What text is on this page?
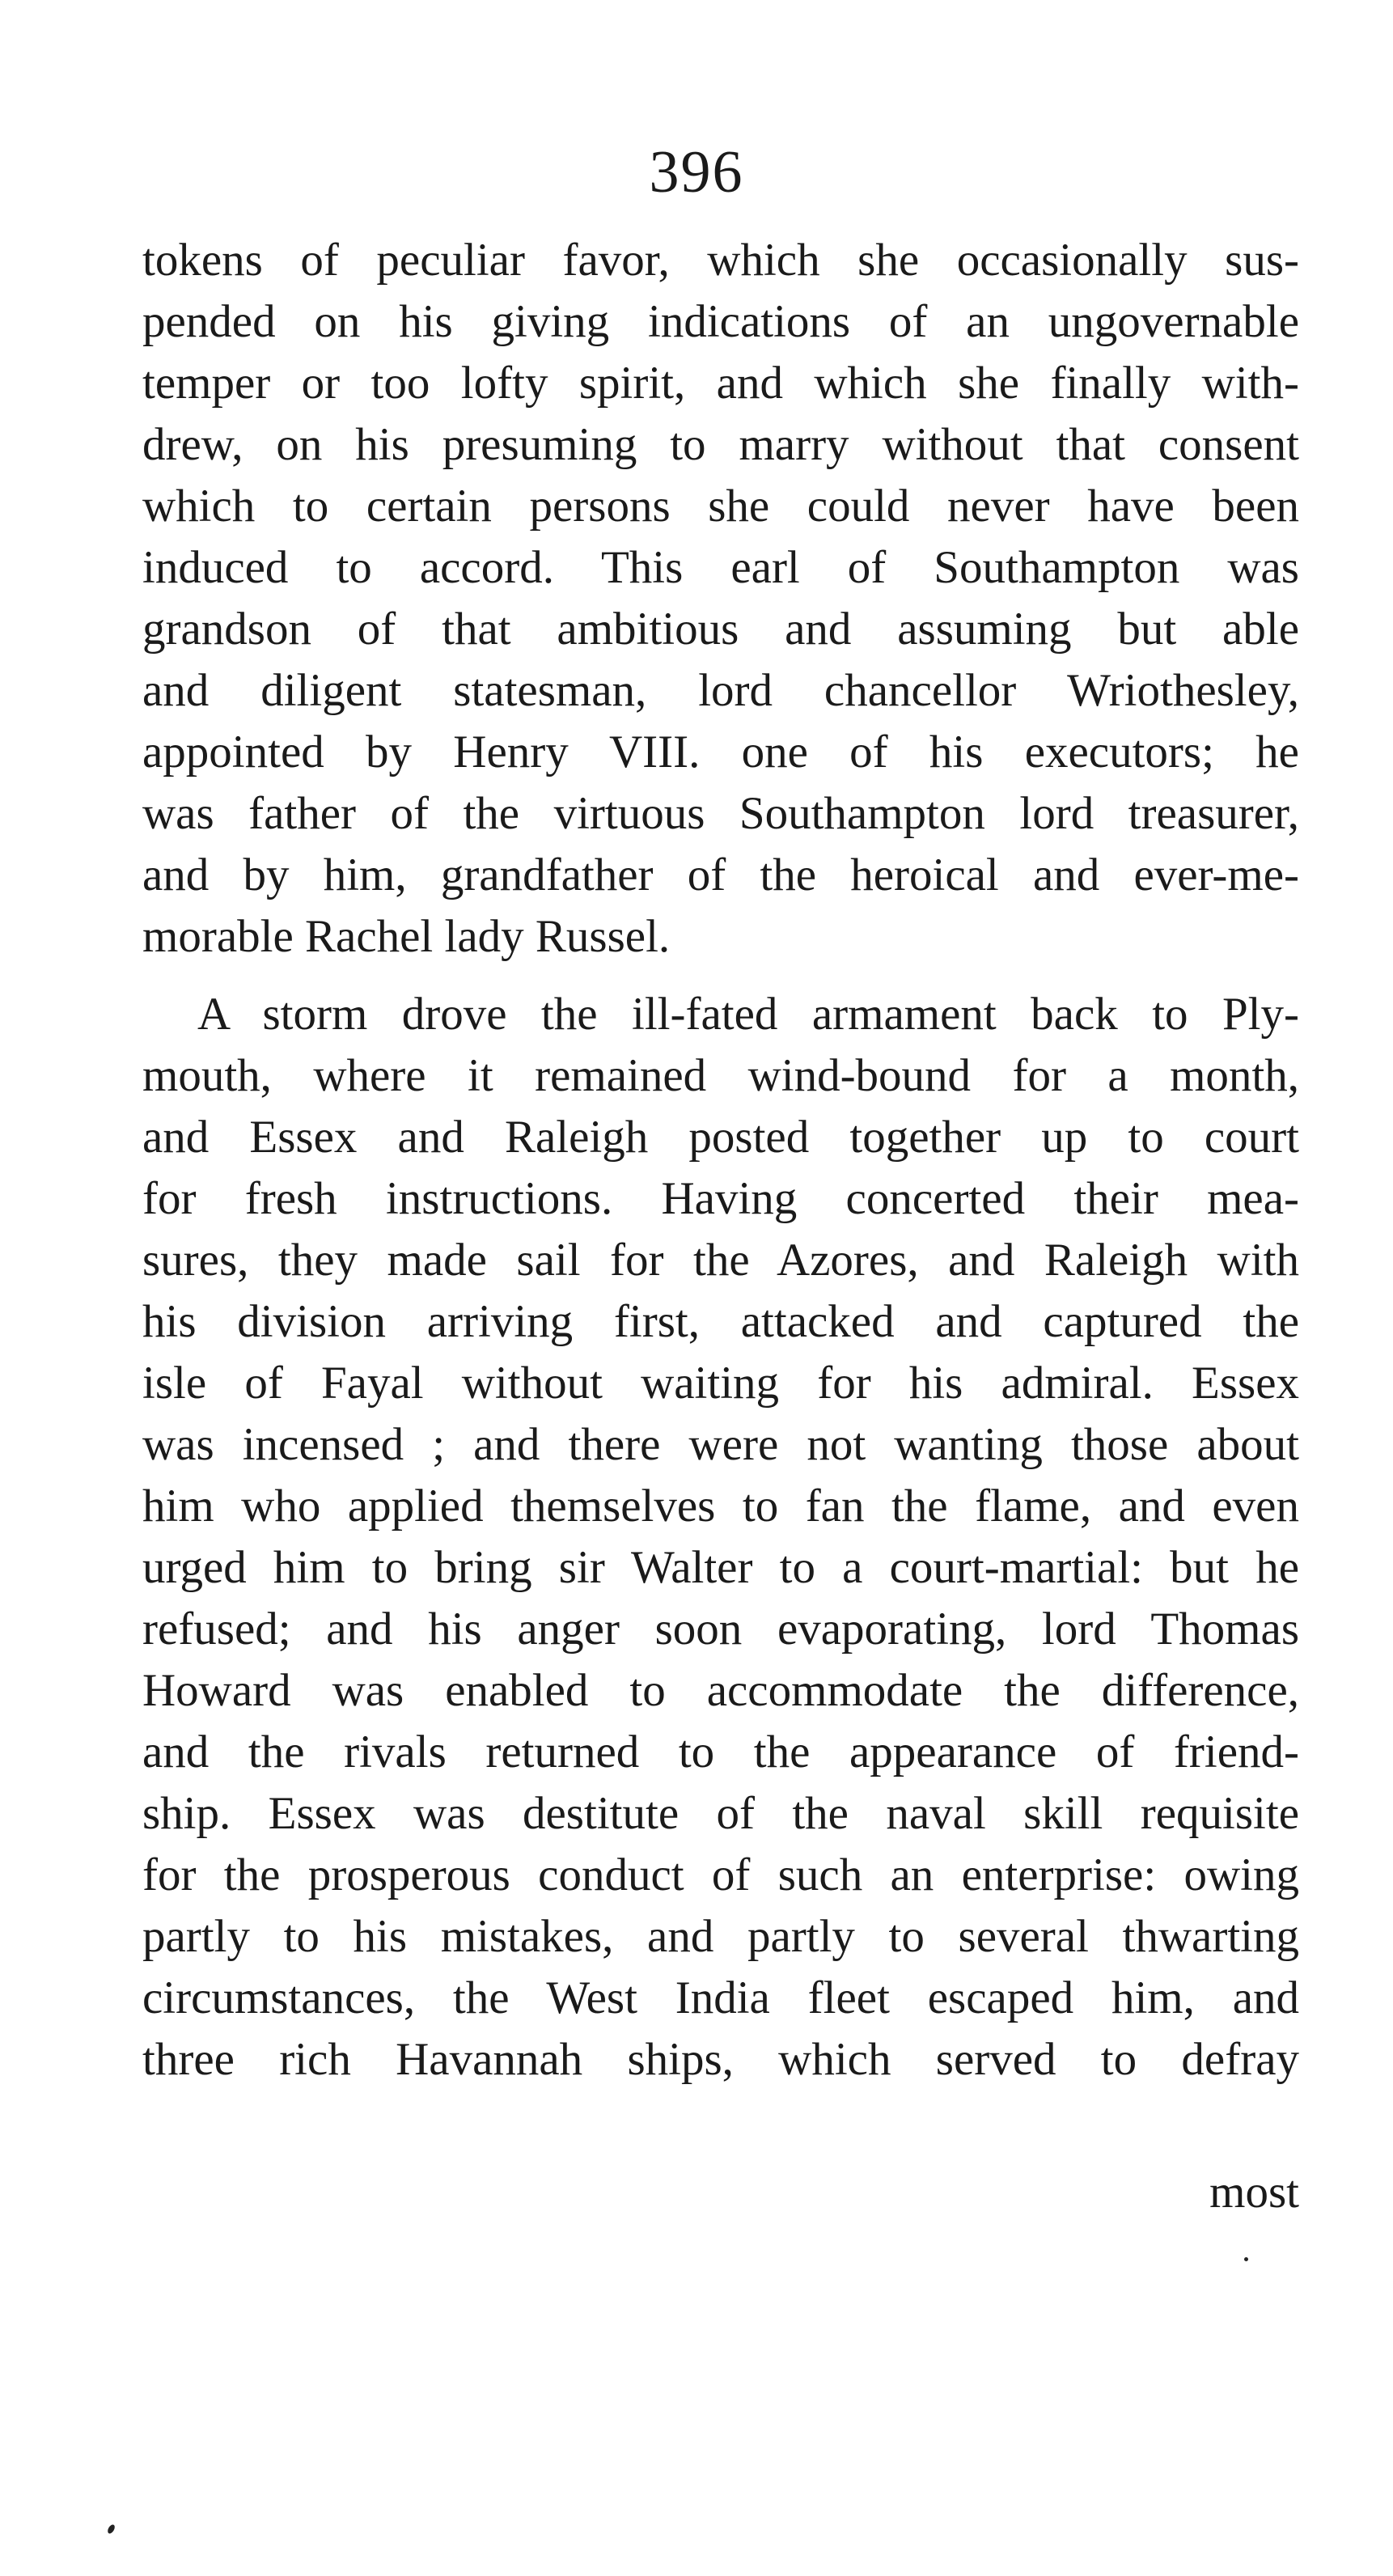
396
tokens of peculiar favor, which she occasionally sus-
pended on his giving indications of an ungovernable
temper or too lofty spirit, and which she finally with-
drew, on his presuming to marry without that consent
which to certain persons she could never have been
induced to accord. This earl of Southampton was
grandson of that ambitious and assuming but able
and diligent statesman, lord chancellor Wriothesley,
appointed by Henry VIII. one of his executors; he
was father of the virtuous Southampton lord treasurer,
and by him, grandfather of the heroical and ever-me-
morable Rachel lady Russel.
A storm drove the ill-fated armament back to Ply-
mouth, where it remained wind-bound for a month,
and Essex and Raleigh posted together up to court
for fresh instructions. Having concerted their mea-
sures, they made sail for the Azores, and Raleigh with
his division arriving first, attacked and captured the
isle of Fayal without waiting for his admiral. Essex
was incensed ; and there were not wanting those about
him who applied themselves to fan the flame, and even
urged him to bring sir Walter to a court-martial: but he
refused; and his anger soon evaporating, lord Thomas
Howard was enabled to accommodate the difference,
and the rivals returned to the appearance of friend-
ship. Essex was destitute of the naval skill requisite
for the prosperous conduct of such an enterprise: owing
partly to his mistakes, and partly to several thwarting
circumstances, the West India fleet escaped him, and
three rich Havannah ships, which served to defray
most
